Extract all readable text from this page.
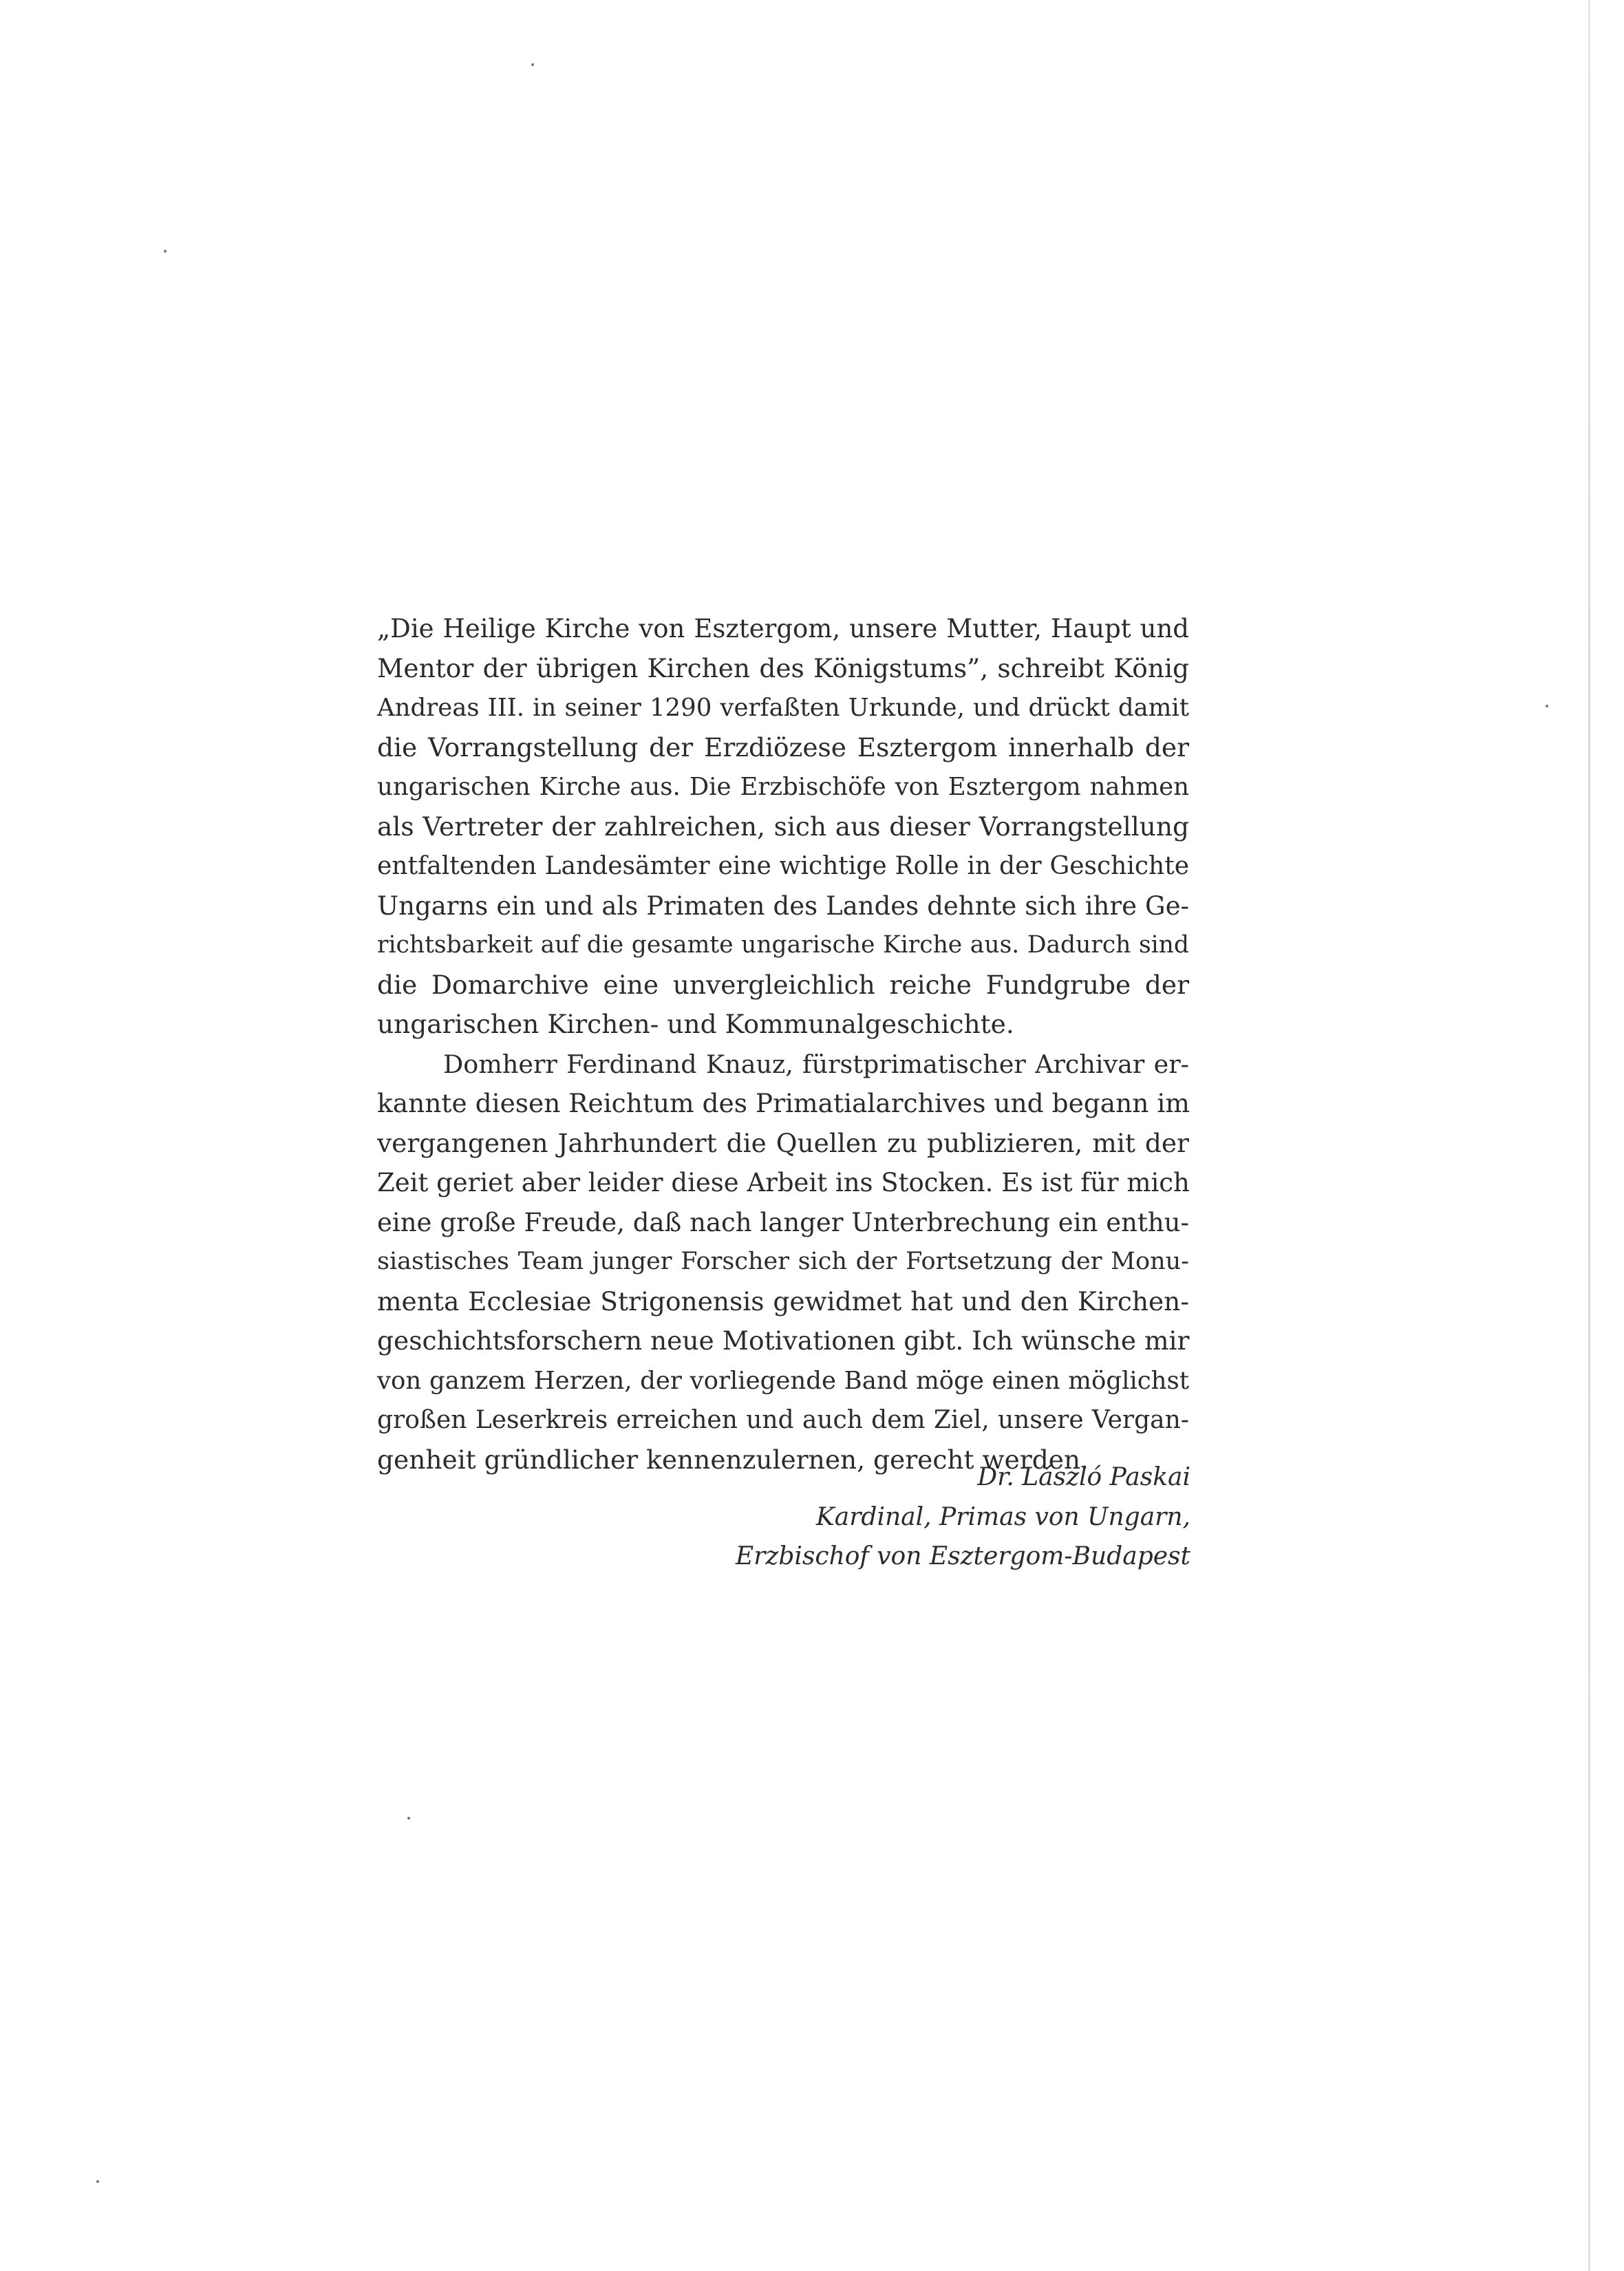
„Die Heilige Kirche von Esztergom, unsere Mutter, Haupt und
Mentor der übrigen Kirchen des Königstums”, schreibt König
Andreas III. in seiner 1290 verfaßten Urkunde, und drückt damit
die Vorrangstellung der Erzdiözese Esztergom innerhalb der
ungarischen Kirche aus. Die Erzbischöfe von Esztergom nahmen
als Vertreter der zahlreichen, sich aus dieser Vorrangstellung
entfaltenden Landesämter eine wichtige Rolle in der Geschichte
Ungarns ein und als Primaten des Landes dehnte sich ihre Ge-
richtsbarkeit auf die gesamte ungarische Kirche aus. Dadurch sind
die Domarchive eine unvergleichlich reiche Fundgrube der
ungarischen Kirchen- und Kommunalgeschichte.
Domherr Ferdinand Knauz, fürstprimatischer Archivar er-
kannte diesen Reichtum des Primatialarchives und begann im
vergangenen Jahrhundert die Quellen zu publizieren, mit der
Zeit geriet aber leider diese Arbeit ins Stocken. Es ist für mich
eine große Freude, daß nach langer Unterbrechung ein enthu-
siastisches Team junger Forscher sich der Fortsetzung der Monu-
menta Ecclesiae Strigonensis gewidmet hat und den Kirchen-
geschichtsforschern neue Motivationen gibt. Ich wünsche mir
von ganzem Herzen, der vorliegende Band möge einen möglichst
großen Leserkreis erreichen und auch dem Ziel, unsere Vergan-
genheit gründlicher kennenzulernen, gerecht werden.
Dr. László Paskai
Kardinal, Primas von Ungarn,
Erzbischof von Esztergom-Budapest
